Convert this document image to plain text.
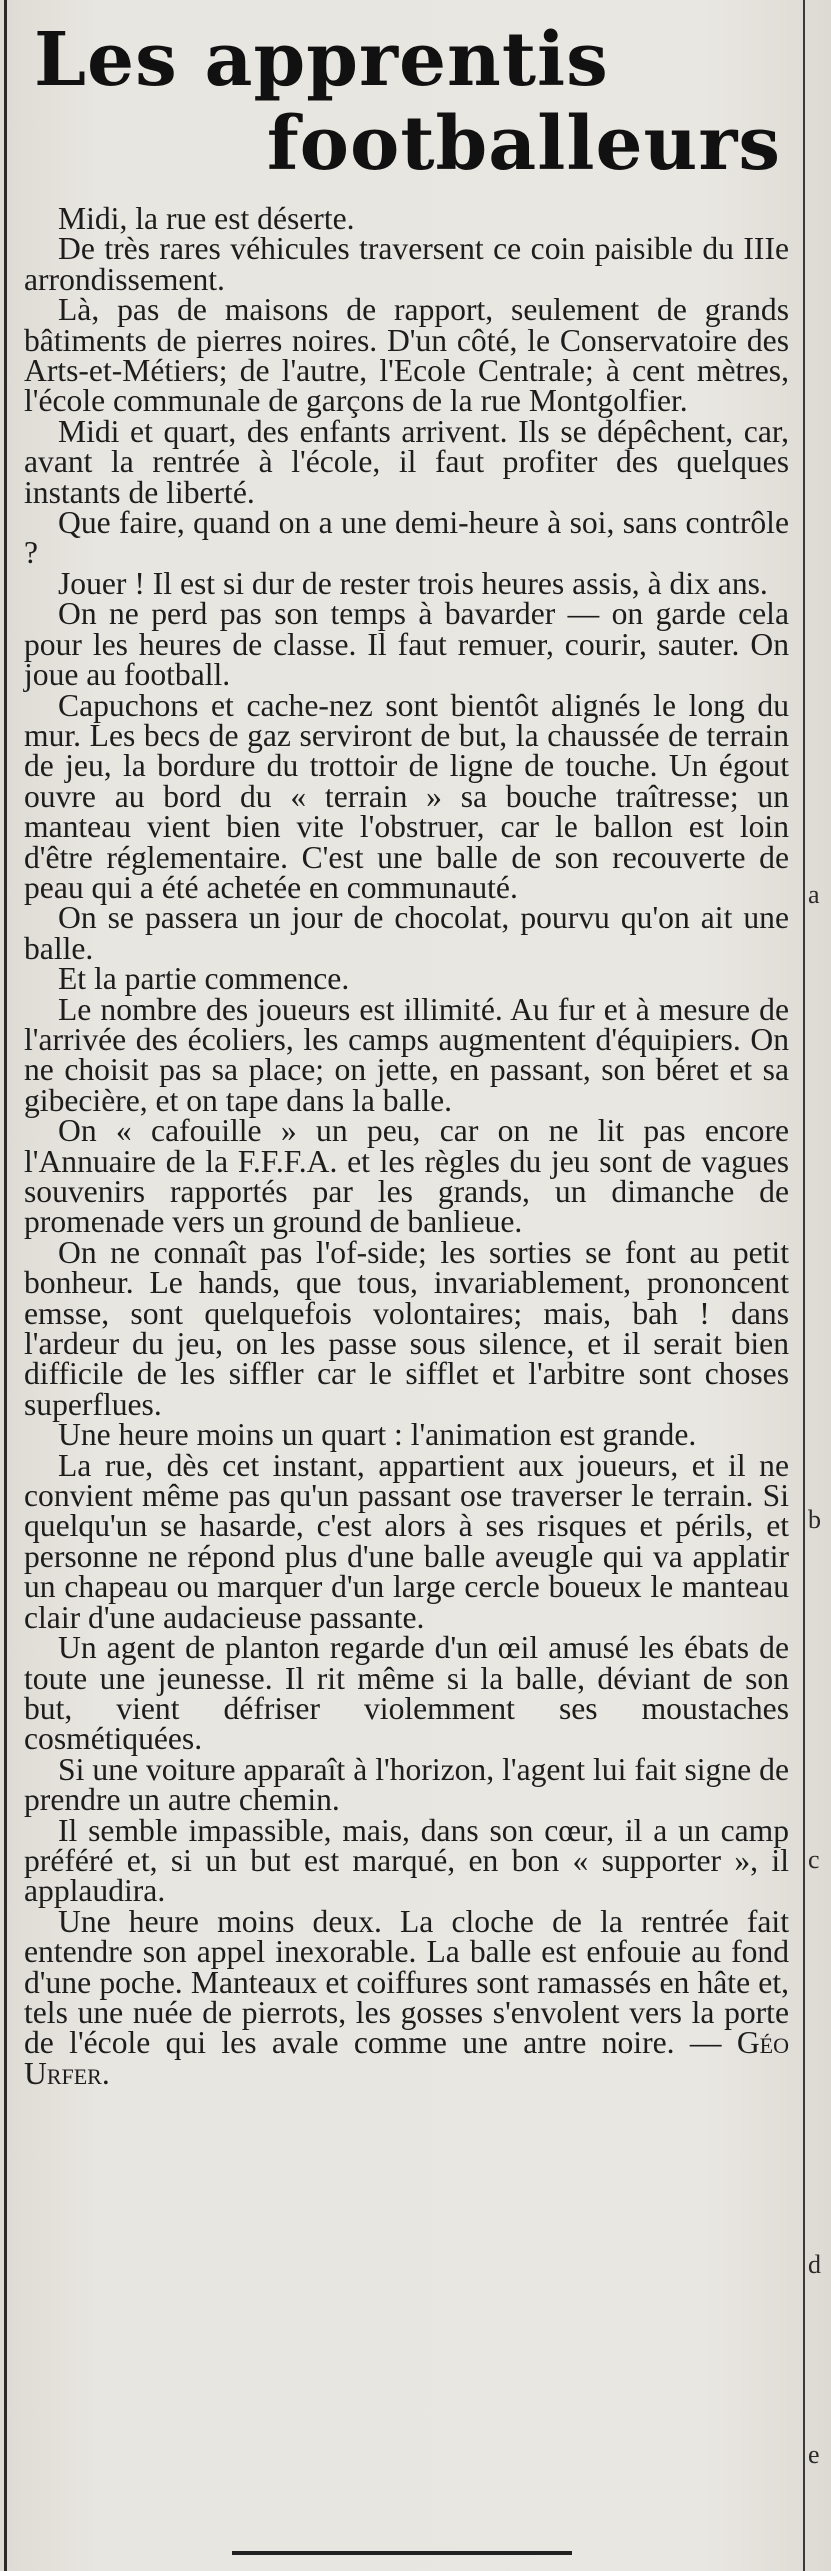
a
b
c
d
e
Les apprentis
footballeurs

Midi, la rue est déserte.

De très rares véhicules traversent ce coin paisible du IIIe arrondissement.

Là, pas de maisons de rapport, seulement de grands bâtiments de pierres noires. D'un côté, le Conservatoire des Arts-et-Métiers; de l'autre, l'Ecole Centrale; à cent mètres, l'école communale de garçons de la rue Montgolfier.

Midi et quart, des enfants arrivent. Ils se dépêchent, car, avant la rentrée à l'école, il faut profiter des quelques instants de liberté.

Que faire, quand on a une demi-heure à soi, sans contrôle ?

Jouer ! Il est si dur de rester trois heures assis, à dix ans.

On ne perd pas son temps à bavarder — on garde cela pour les heures de classe. Il faut remuer, courir, sauter. On joue au football.

Capuchons et cache-nez sont bientôt alignés le long du mur. Les becs de gaz serviront de but, la chaussée de terrain de jeu, la bordure du trottoir de ligne de touche. Un égout ouvre au bord du « terrain » sa bouche traîtresse; un manteau vient bien vite l'obstruer, car le ballon est loin d'être réglementaire. C'est une balle de son recouverte de peau qui a été achetée en communauté.

On se passera un jour de chocolat, pourvu qu'on ait une balle.

Et la partie commence.

Le nombre des joueurs est illimité. Au fur et à mesure de l'arrivée des écoliers, les camps augmentent d'équipiers. On ne choisit pas sa place; on jette, en passant, son béret et sa gibecière, et on tape dans la balle.

On « cafouille » un peu, car on ne lit pas encore l'Annuaire de la F.F.F.A. et les règles du jeu sont de vagues souvenirs rapportés par les grands, un dimanche de promenade vers un ground de banlieue.

On ne connaît pas l'of-side; les sorties se font au petit bonheur. Le hands, que tous, invariablement, prononcent emsse, sont quelquefois volontaires; mais, bah ! dans l'ardeur du jeu, on les passe sous silence, et il serait bien difficile de les siffler car le sifflet et l'arbitre sont choses superflues.

Une heure moins un quart : l'animation est grande.

La rue, dès cet instant, appartient aux joueurs, et il ne convient même pas qu'un passant ose traverser le terrain. Si quelqu'un se hasarde, c'est alors à ses risques et périls, et personne ne répond plus d'une balle aveugle qui va applatir un chapeau ou marquer d'un large cercle boueux le manteau clair d'une audacieuse passante.

Un agent de planton regarde d'un œil amusé les ébats de toute une jeunesse. Il rit même si la balle, déviant de son but, vient défriser violemment ses moustaches cosmétiquées.

Si une voiture apparaît à l'horizon, l'agent lui fait signe de prendre un autre chemin.

Il semble impassible, mais, dans son cœur, il a un camp préféré et, si un but est marqué, en bon « supporter », il applaudira.

Une heure moins deux. La cloche de la rentrée fait entendre son appel inexorable. La balle est enfouie au fond d'une poche. Manteaux et coiffures sont ramassés en hâte et, tels une nuée de pierrots, les gosses s'envolent vers la porte de l'école qui les avale comme une antre noire. — Géo Urfer.
